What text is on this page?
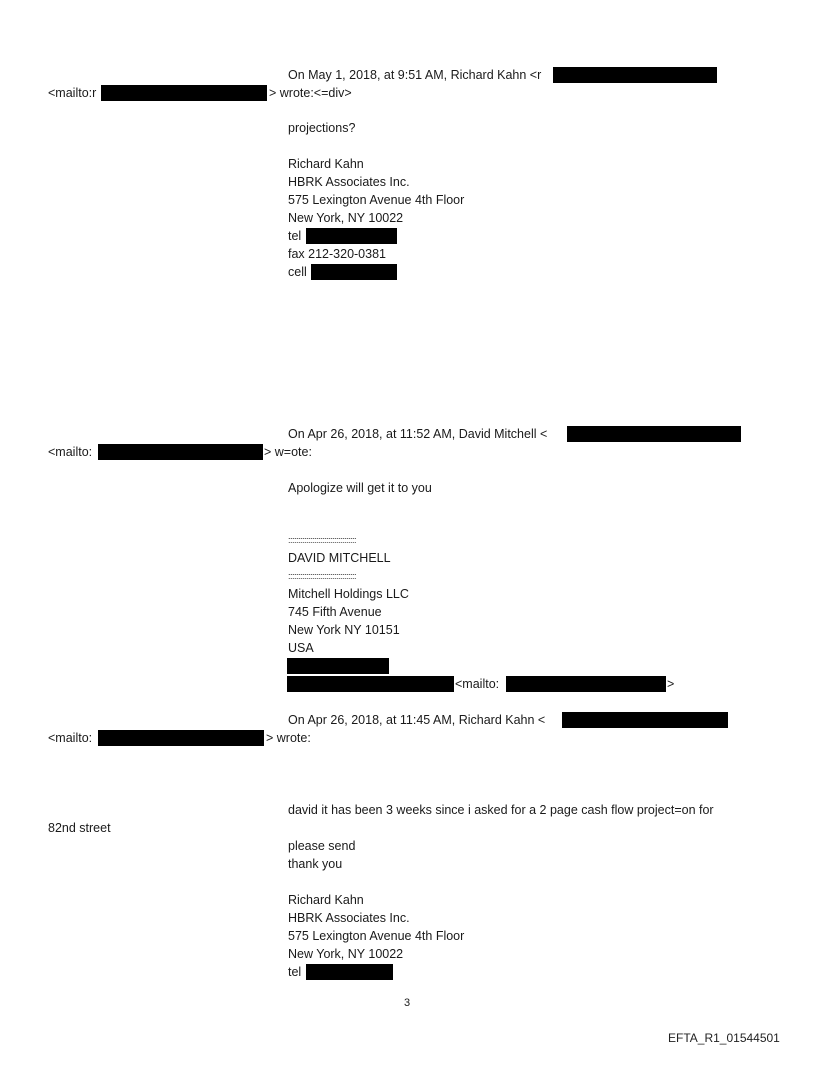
On May 1, 2018, at 9:51 AM, Richard Kahn <r
<mailto:r	> wrote:<=div>
projections?
Richard Kahn
HBRK Associates Inc.
575 Lexington Avenue 4th Floor
New York, NY 10022
tel
fax 212-320-0381
cell
On Apr 26, 2018, at 11:52 AM, David Mitchell <
<mailto:	> w=ote:
Apologize will get it to you
::::::::::::::::::::::::::::::::::
DAVID MITCHELL
::::::::::::::::::::::::::::::::::
Mitchell Holdings LLC
745 Fifth Avenue
New York NY 10151
USA
<mailto:	>
On Apr 26, 2018, at 11:45 AM, Richard Kahn <
<mailto:	> wrote:
david it has been 3 weeks since i asked for a 2 page cash flow project=on for
82nd street
please send
thank you
Richard Kahn
HBRK Associates Inc.
575 Lexington Avenue 4th Floor
New York, NY 10022
tel
3
EFTA_R1_01544501
